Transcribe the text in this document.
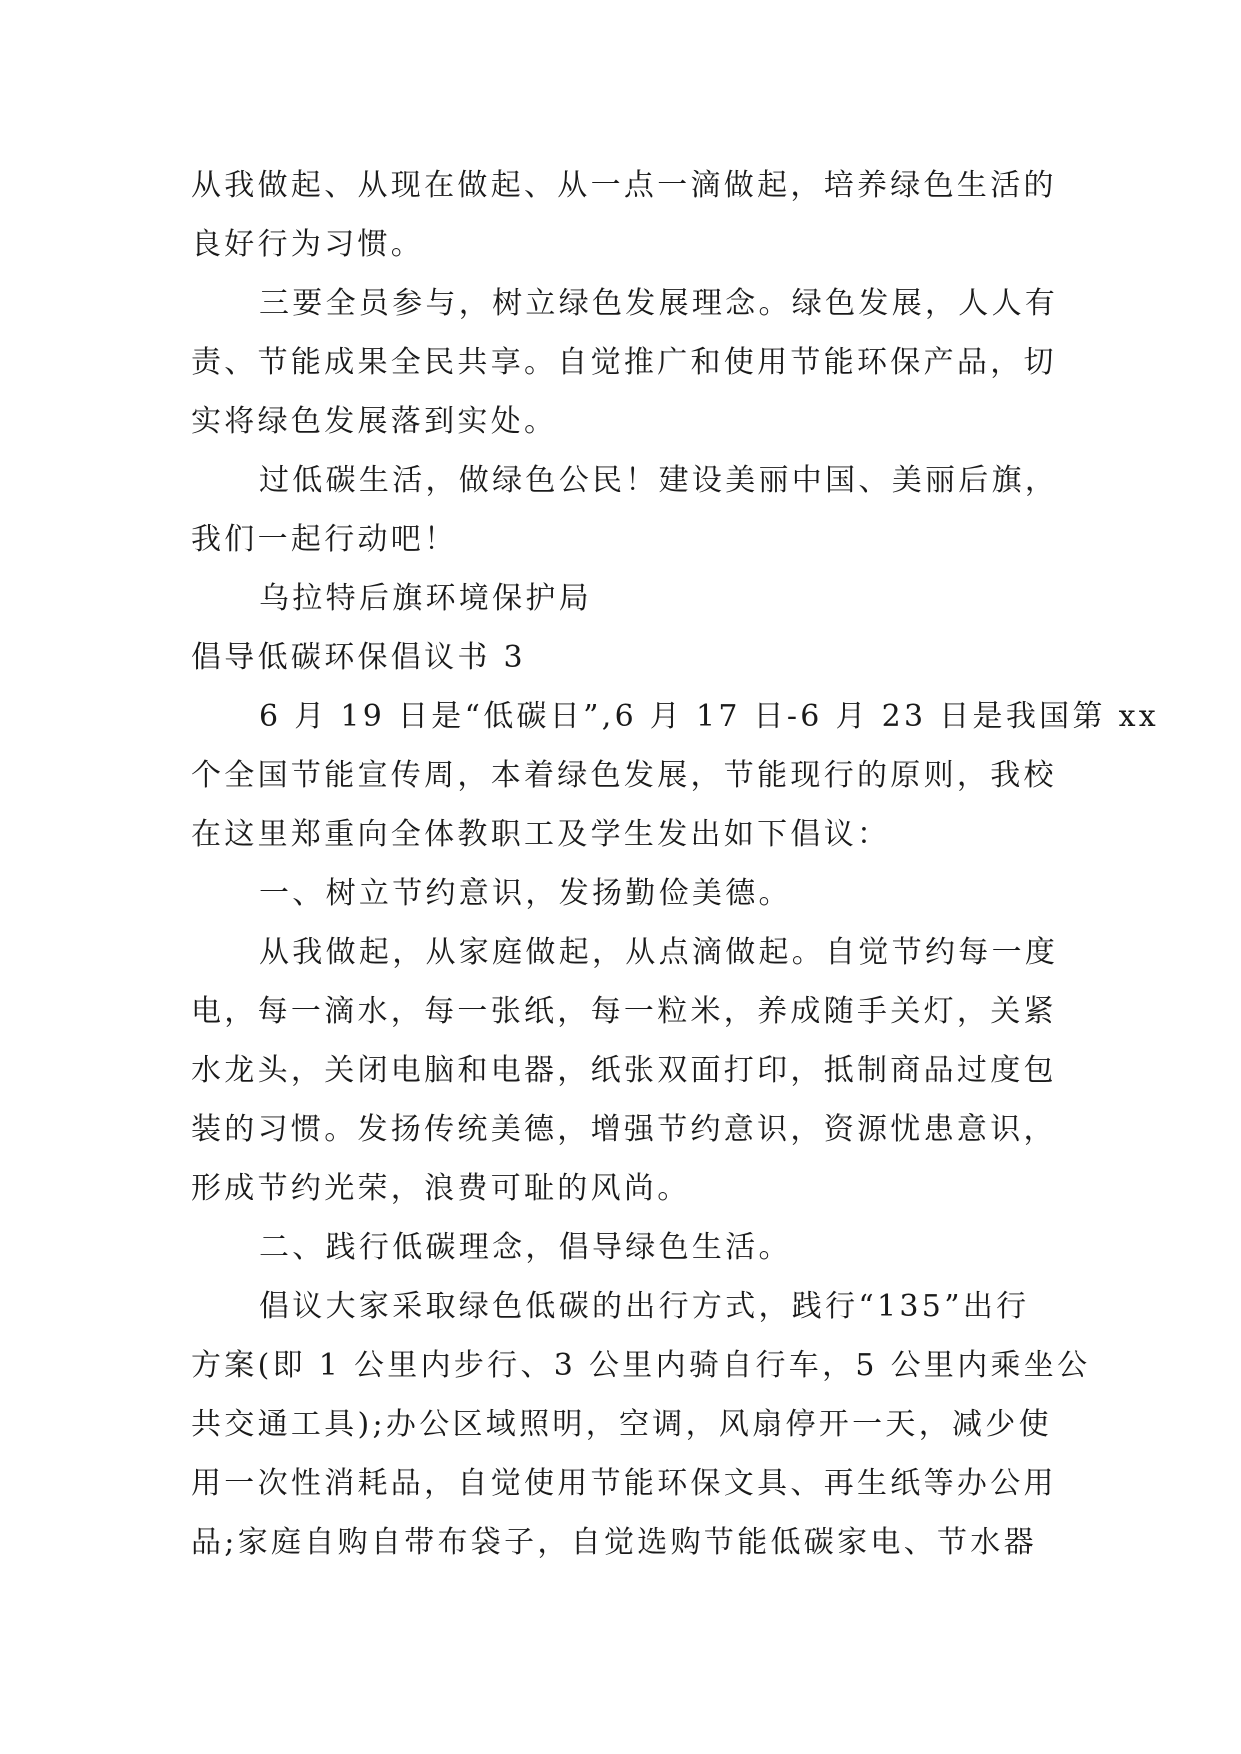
从我做起、从现在做起、从一点一滴做起，培养绿色生活的
良好行为习惯。
三要全员参与，树立绿色发展理念。绿色发展，人人有
责、节能成果全民共享。自觉推广和使用节能环保产品，切
实将绿色发展落到实处。
过低碳生活，做绿色公民！建设美丽中国、美丽后旗，
我们一起行动吧！
乌拉特后旗环境保护局
倡导低碳环保倡议书 3
6 月 19 日是“低碳日”,6 月 17 日-6 月 23 日是我国第 xx
个全国节能宣传周，本着绿色发展，节能现行的原则，我校
在这里郑重向全体教职工及学生发出如下倡议：
一、树立节约意识，发扬勤俭美德。
从我做起，从家庭做起，从点滴做起。自觉节约每一度
电，每一滴水，每一张纸，每一粒米，养成随手关灯，关紧
水龙头，关闭电脑和电器，纸张双面打印，抵制商品过度包
装的习惯。发扬传统美德，增强节约意识，资源忧患意识，
形成节约光荣，浪费可耻的风尚。
二、践行低碳理念，倡导绿色生活。
倡议大家采取绿色低碳的出行方式，践行“135”出行
方案(即 1 公里内步行、3 公里内骑自行车，5 公里内乘坐公
共交通工具);办公区域照明，空调，风扇停开一天，减少使
用一次性消耗品，自觉使用节能环保文具、再生纸等办公用
品;家庭自购自带布袋子，自觉选购节能低碳家电、节水器
